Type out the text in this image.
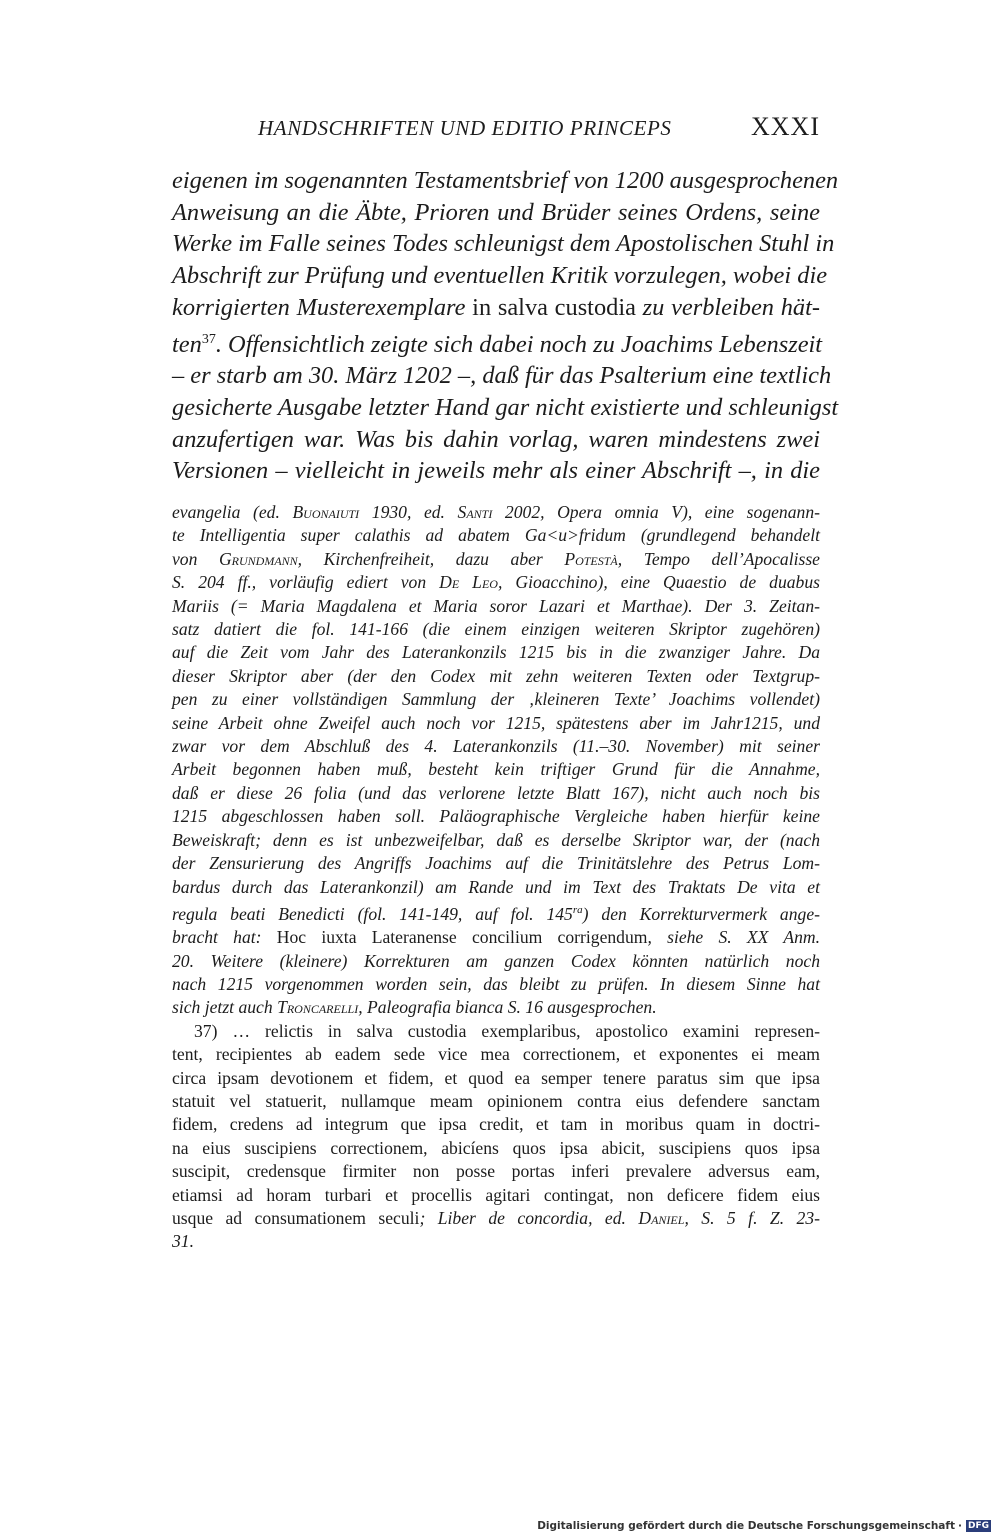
HANDSCHRIFTEN UND EDITIO PRINCEPS	XXXI
eigenen im sogenannten Testamentsbrief von 1200 ausgesprochenen
Anweisung an die Äbte, Prioren und Brüder seines Ordens, seine
Werke im Falle seines Todes schleunigst dem Apostolischen Stuhl in
Abschrift zur Prüfung und eventuellen Kritik vorzulegen, wobei die
korrigierten Musterexemplare in salva custodia zu verbleiben hät-
ten$^{37}$. Offensichtlich zeigte sich dabei noch zu Joachims Lebenszeit
– er starb am 30. März 1202 –, daß für das Psalterium eine textlich
gesicherte Ausgabe letzter Hand gar nicht existierte und schleunigst
anzufertigen war. Was bis dahin vorlag, waren mindestens zwei
Versionen – vielleicht in jeweils mehr als einer Abschrift –, in die
evangelia (ed. Buonaiuti 1930, ed. Santi 2002, Opera omnia V), eine sogenann-
te Intelligentia super calathis ad abatem Ga<u>fridum (grundlegend behandelt
von Grundmann, Kirchenfreiheit, dazu aber Potestà, Tempo dell’Apocalisse
S. 204 ff., vorläufig ediert von De Leo, Gioacchino), eine Quaestio de duabus
Mariis (= Maria Magdalena et Maria soror Lazari et Marthae). Der 3. Zeitan-
satz datiert die fol. 141-166 (die einem einzigen weiteren Skriptor zugehören)
auf die Zeit vom Jahr des Laterankonzils 1215 bis in die zwanziger Jahre. Da
dieser Skriptor aber (der den Codex mit zehn weiteren Texten oder Textgrup-
pen zu einer vollständigen Sammlung der ‚kleineren Texte’ Joachims vollendet)
seine Arbeit ohne Zweifel auch noch vor 1215, spätestens aber im Jahr1215, und
zwar vor dem Abschluß des 4. Laterankonzils (11.–30. November) mit seiner
Arbeit begonnen haben muß, besteht kein triftiger Grund für die Annahme,
daß er diese 26 folia (und das verlorene letzte Blatt 167), nicht auch noch bis
1215 abgeschlossen haben soll. Paläographische Vergleiche haben hierfür keine
Beweiskraft; denn es ist unbezweifelbar, daß es derselbe Skriptor war, der (nach
der Zensurierung des Angriffs Joachims auf die Trinitätslehre des Petrus Lom-
bardus durch das Laterankonzil) am Rande und im Text des Traktats De vita et
regula beati Benedicti (fol. 141-149, auf fol. $145^{ra}$) den Korrekturvermerk ange-
bracht hat: Hoc iuxta Lateranense concilium corrigendum, siehe S. XX Anm.
20. Weitere (kleinere) Korrekturen am ganzen Codex könnten natürlich noch
nach 1215 vorgenommen worden sein, das bleibt zu prüfen. In diesem Sinne hat
sich jetzt auch Troncarelli, Paleografia bianca S. 16 ausgesprochen.
37) … relictis in salva custodia exemplaribus, apostolico examini represen-
tent, recipientes ab eadem sede vice mea correctionem, et exponentes ei meam
circa ipsam devotionem et fidem, et quod ea semper tenere paratus sim que ipsa
statuit vel statuerit, nullamque meam opinionem contra eius defendere sanctam
fidem, credens ad integrum que ipsa credit, et tam in moribus quam in doctri-
na eius suscipiens correctionem, abicíens quos ipsa abicit, suscipiens quos ipsa
suscipit, credensque firmiter non posse portas inferi prevalere adversus eam,
etiamsi ad horam turbari et procellis agitari contingat, non deficere fidem eius
usque ad consumationem seculi; Liber de concordia, ed. Daniel, S. 5 f. Z. 23-
31.
Digitalisierung gefördert durch die Deutsche Forschungsgemeinschaft · DFG
